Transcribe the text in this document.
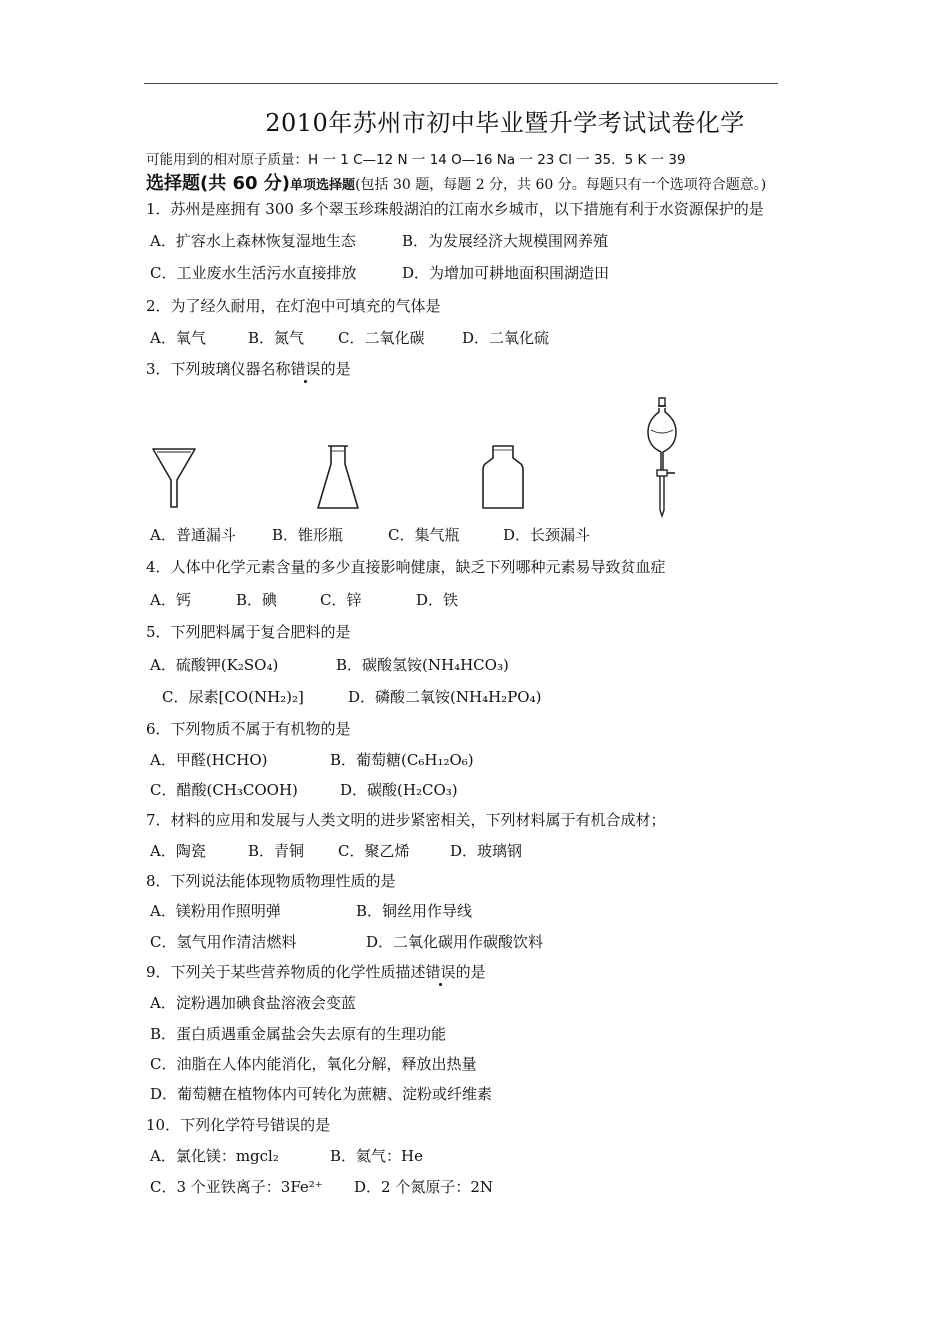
2010年苏州市初中毕业暨升学考试试卷化学
可能用到的相对原子质量：H 一 1 C—12 N 一 14 O—16 Na 一 23 Cl 一 35．5 K 一 39
选择题(共 60 分)单项选择题(包括 30 题，每题 2 分，共 60 分。每题只有一个选项符合题意。)
1．苏州是座拥有 300 多个翠玉珍珠般湖泊的江南水乡城市，以下措施有利于水资源保护的是
A．扩容水上森林恢复湿地生态	B．为发展经济大规模围网养殖
C．工业废水生活污水直接排放	D．为增加可耕地面积围湖造田
2．为了经久耐用，在灯泡中可填充的气体是
A．氧气	B．氮气 C．二氧化碳	D．二氧化硫
3．下列玻璃仪器名称错误的是
A．普通漏斗 B．锥形瓶	C．集气瓶	D．长颈漏斗
4．人体中化学元素含量的多少直接影响健康，缺乏下列哪种元素易导致贫血症
A．钙	B．碘	C．锌	D．铁
5．下列肥料属于复合肥料的是
A．硫酸钾(K₂SO₄)	B．碳酸氢铵(NH₄HCO₃)
C．尿素[CO(NH₂)₂]	D．磷酸二氧铵(NH₄H₂PO₄)
6．下列物质不属于有机物的是
A．甲醛(HCHO)	B．葡萄糖(C₆H₁₂O₆)
C．醋酸(CH₃COOH)	D．碳酸(H₂CO₃)
7．材料的应用和发展与人类文明的进步紧密相关，下列材料属于有机合成材；
A．陶瓷	B．青铜 C．聚乙烯	D．玻璃钢
8．下列说法能体现物质物理性质的是
A．镁粉用作照明弹	B．铜丝用作导线
C．氢气用作清洁燃料	D．二氧化碳用作碳酸饮料
9．下列关于某些营养物质的化学性质描述错误的是
A．淀粉遇加碘食盐溶液会变蓝
B．蛋白质遇重金属盐会失去原有的生理功能
C．油脂在人体内能消化，氧化分解，释放出热量
D．葡萄糖在植物体内可转化为蔗糖、淀粉或纤维素
10．下列化学符号错误的是
A．氯化镁：mgcl₂	B．氦气：He
C．3 个亚铁离子：3Fe²⁺ D．2 个氮原子：2N
